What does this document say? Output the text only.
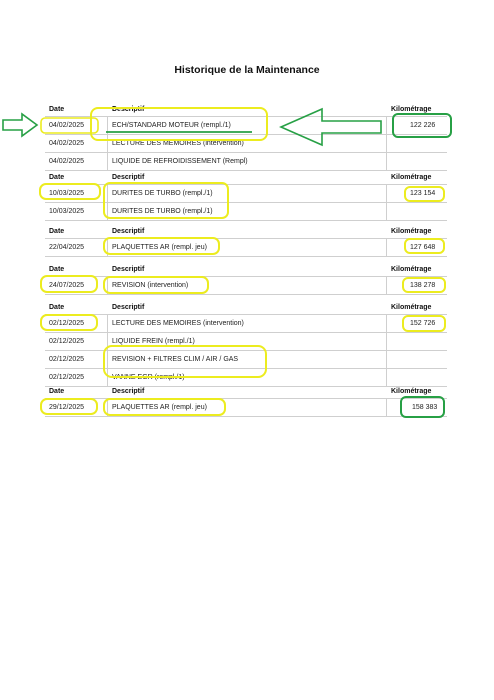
Historique de la Maintenance
Date	Descriptif	Kilométrage
04/02/2025	ECH/STANDARD MOTEUR (rempl./1)	122 226
04/02/2025	LECTURE DES MEMOIRES (intervention)
04/02/2025	LIQUIDE DE REFROIDISSEMENT (Rempl)
Date	Descriptif	Kilométrage
10/03/2025	DURITES DE TURBO (rempl./1)	123 154
10/03/2025	DURITES DE TURBO (rempl./1)
Date	Descriptif	Kilométrage
22/04/2025	PLAQUETTES AR (rempl. jeu)	127 648
Date	Descriptif	Kilométrage
24/07/2025	REVISION (intervention)	138 278
Date	Descriptif	Kilométrage
02/12/2025	LECTURE DES MEMOIRES (intervention)	152 726
02/12/2025	LIQUIDE FREIN (rempl./1)
02/12/2025	REVISION + FILTRES CLIM / AIR / GAS
02/12/2025	VANNE EGR (rempl./1)
Date	Descriptif	Kilométrage
29/12/2025	PLAQUETTES AR (rempl. jeu)	158 383
